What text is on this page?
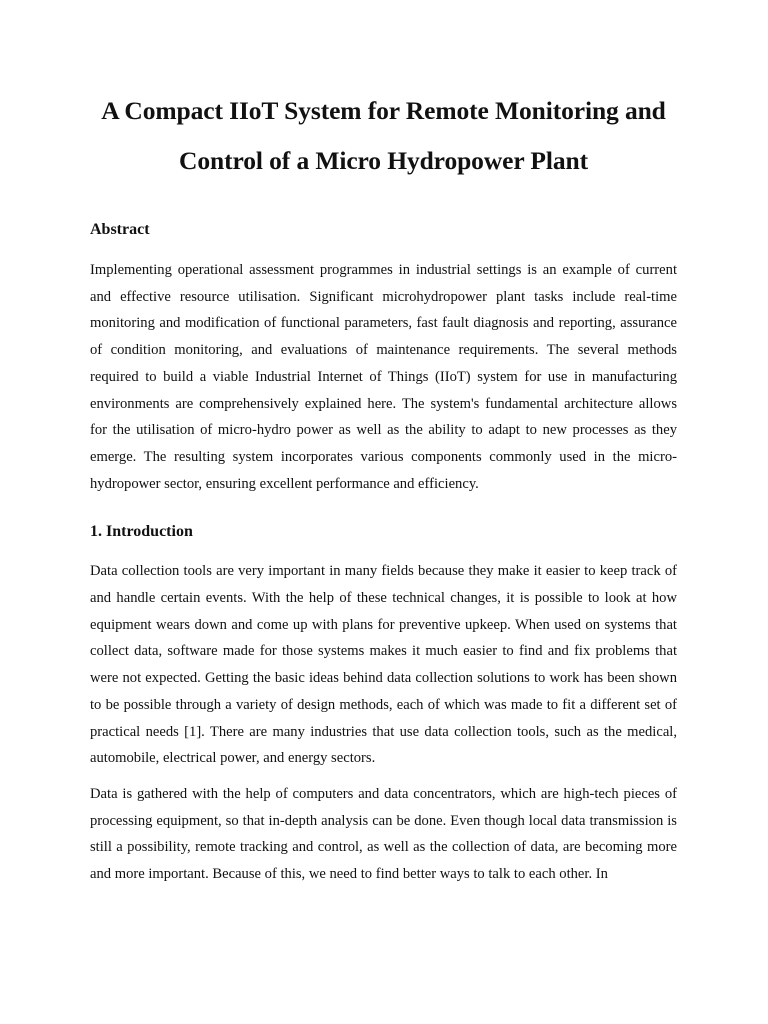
A Compact IIoT System for Remote Monitoring and Control of a Micro Hydropower Plant
Abstract

Implementing operational assessment programmes in industrial settings is an example of current and effective resource utilisation. Significant microhydropower plant tasks include real-time monitoring and modification of functional parameters, fast fault diagnosis and reporting, assurance of condition monitoring, and evaluations of maintenance requirements. The several methods required to build a viable Industrial Internet of Things (IIoT) system for use in manufacturing environments are comprehensively explained here. The system's fundamental architecture allows for the utilisation of micro-hydro power as well as the ability to adapt to new processes as they emerge. The resulting system incorporates various components commonly used in the micro-hydropower sector, ensuring excellent performance and efficiency.

1. Introduction

Data collection tools are very important in many fields because they make it easier to keep track of and handle certain events. With the help of these technical changes, it is possible to look at how equipment wears down and come up with plans for preventive upkeep. When used on systems that collect data, software made for those systems makes it much easier to find and fix problems that were not expected. Getting the basic ideas behind data collection solutions to work has been shown to be possible through a variety of design methods, each of which was made to fit a different set of practical needs [1]. There are many industries that use data collection tools, such as the medical, automobile, electrical power, and energy sectors.

Data is gathered with the help of computers and data concentrators, which are high-tech pieces of processing equipment, so that in-depth analysis can be done. Even though local data transmission is still a possibility, remote tracking and control, as well as the collection of data, are becoming more and more important. Because of this, we need to find better ways to talk to each other. In
